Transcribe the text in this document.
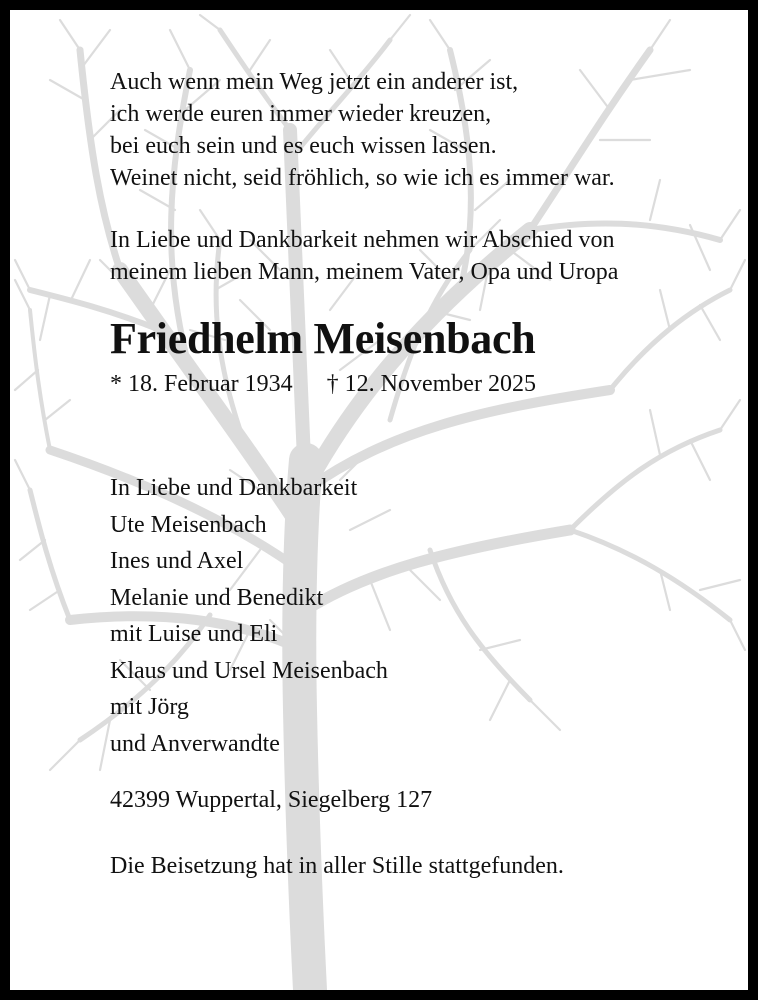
Auch wenn mein Weg jetzt ein anderer ist,

ich werde euren immer wieder kreuzen,

bei euch sein und es euch wissen lassen.

Weinet nicht, seid fröhlich, so wie ich es immer war.

In Liebe und Dankbarkeit nehmen wir Abschied von

meinem lieben Mann, meinem Vater, Opa und Uropa

Friedhelm Meisenbach
* 18. Februar 1934 † 12. November 2025

In Liebe und Dankbarkeit

Ute Meisenbach

Ines und Axel

Melanie und Benedikt

mit Luise und Eli

Klaus und Ursel Meisenbach

mit Jörg

und Anverwandte

42399 Wuppertal, Siegelberg 127

Die Beisetzung hat in aller Stille stattgefunden.
